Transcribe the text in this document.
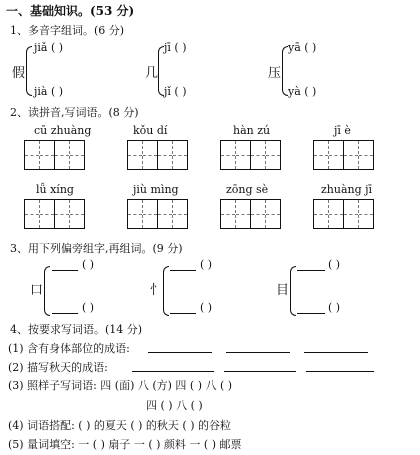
一、基础知识。(53 分)
1、多音字组词。(6 分)
假
jiǎ ( )
jià ( )
几
jī ( )
jǐ ( )
压
yā ( )
yà ( )
2、读拼音,写词语。(8 分)
cū zhuàng	kǒu dí	hàn zú	jī è
lǚ xíng	jiù mìng	zōng sè	zhuàng jī
3、用下列偏旁组字,再组词。(9 分)
口
( )
( )
忄
( )
( )
目
( )
( )
4、按要求写词语。(14 分)
(1) 含有身体部位的成语:
(2) 描写秋天的成语:
(3) 照样子写词语: 四 (面) 八 (方) 四 ( ) 八 ( )
四 ( ) 八 ( )
(4) 词语搭配: ( ) 的夏天 ( ) 的秋天 ( ) 的谷粒
(5) 量词填空: 一 ( ) 扇子 一 ( ) 颜料 一 ( ) 邮票
